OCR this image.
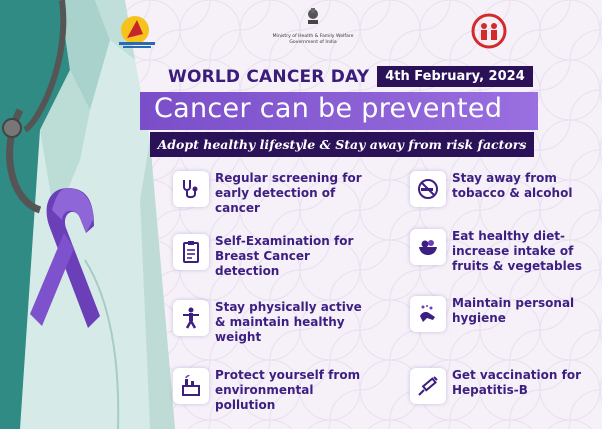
Ministry of Health & Family Welfare
Government of India
WORLD CANCER DAY	4th February, 2024
Cancer can be prevented
Adopt healthy lifestyle & Stay away from risk factors
Regular screening for early detection of cancer
Stay away from tobacco & alcohol
Self-Examination for Breast Cancer detection
Eat healthy diet-increase intake of fruits & vegetables
Stay physically active & maintain healthy weight
Maintain personal hygiene
Protect yourself from environmental pollution
Get vaccination for Hepatitis-B
